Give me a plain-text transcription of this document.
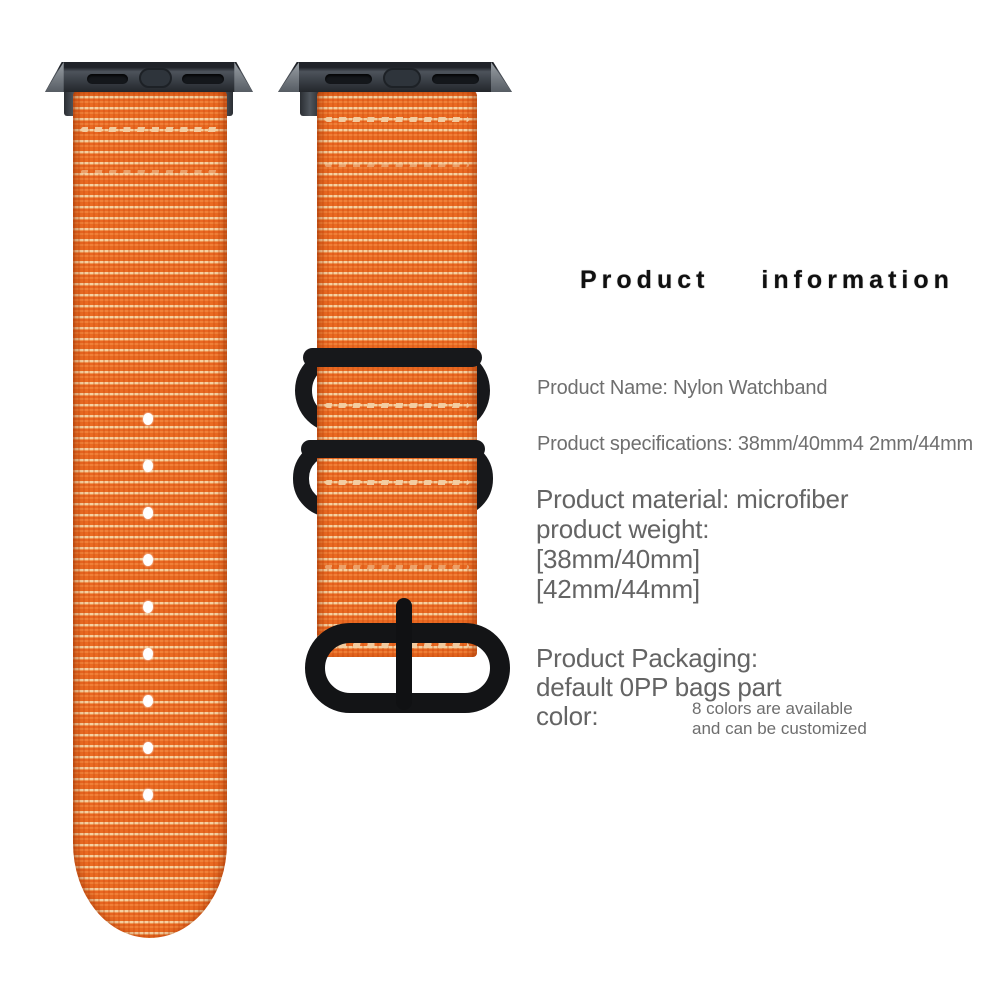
Product information
Product Name: Nylon Watchband
Product specifications: 38mm/40mm4 2mm/44mm
Product material: microfiber
product weight:
[38mm/40mm]
[42mm/44mm]
Product Packaging:
default 0PP bags part
color:	8 colors are available
and can be customized
